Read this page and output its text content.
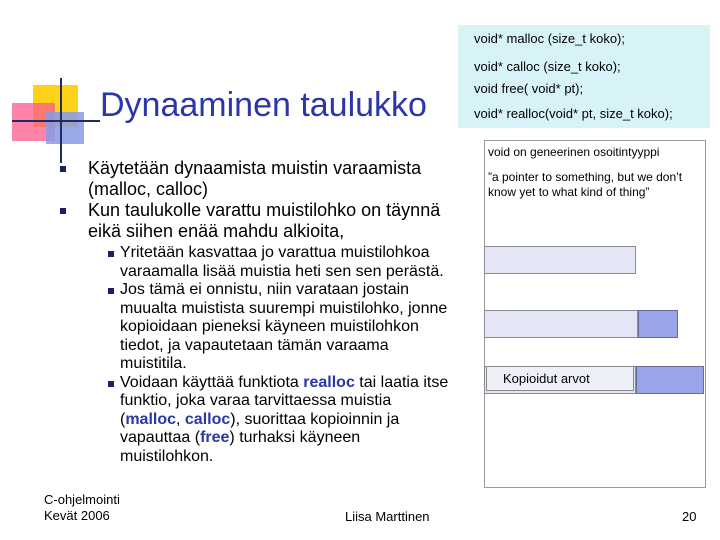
Dynaaminen taulukko
void* malloc (size_t koko);
void* calloc (size_t koko);
void free( void* pt);
void* realloc(void* pt, size_t koko);
void on geneerinen osoitintyyppi
”a pointer to something, but we don’t know yet to what kind of thing”
Kopioidut arvot
Käytetään dynaamista muistin varaamista (malloc, calloc)
Kun taulukolle varattu muistilohko on täynnä eikä siihen enää mahdu alkioita,
Yritetään kasvattaa jo varattua muistilohkoa varaamalla lisää muistia heti sen sen perästä.
Jos tämä ei onnistu, niin varataan jostain muualta muistista suurempi muistilohko, jonne kopioidaan pieneksi käyneen muistilohkon tiedot, ja vapautetaan tämän varaama muistitila.
Voidaan käyttää funktiota realloc tai laatia itse funktio, joka varaa tarvittaessa muistia (malloc, calloc), suorittaa kopioinnin ja vapauttaa (free) turhaksi käyneen muistilohkon.
C-ohjelmointi
Kevät 2006	Liisa Marttinen	20
